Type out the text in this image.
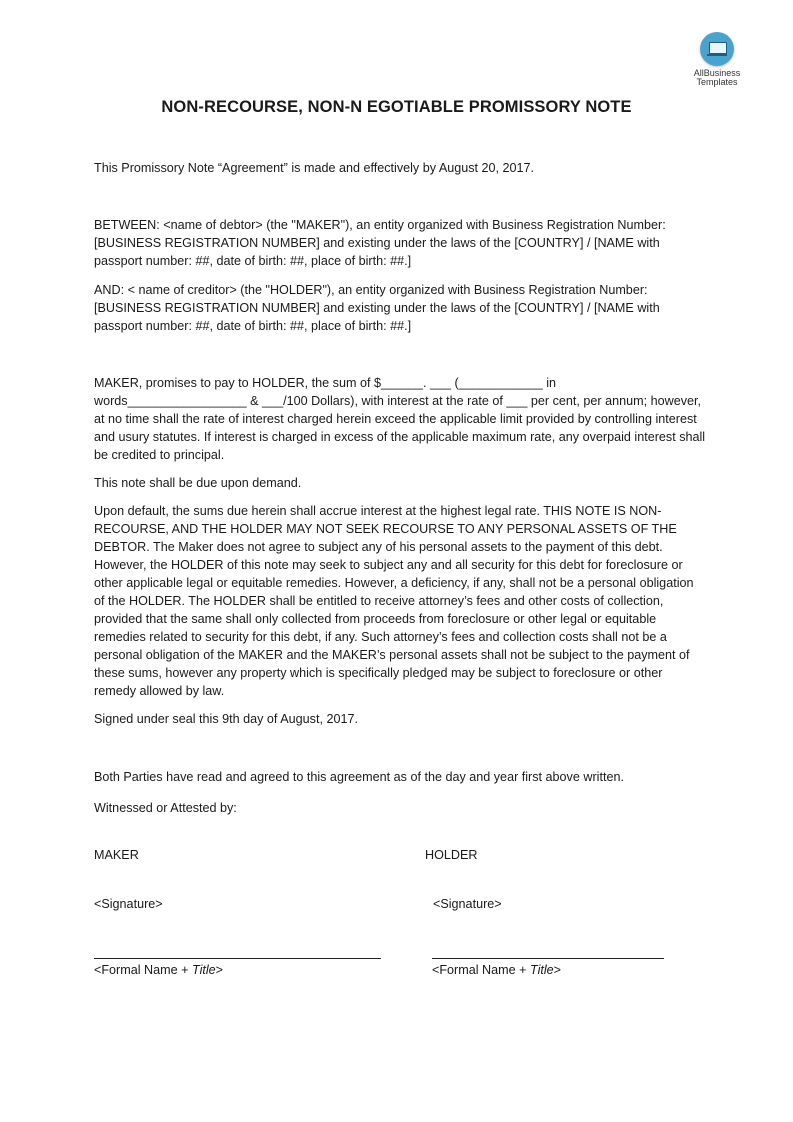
AllBusiness
Templates
NON-RECOURSE, NON-N EGOTIABLE PROMISSORY NOTE

This Promissory Note “Agreement” is made and effectively by August 20, 2017.

BETWEEN: <name of debtor> (the "MAKER"), an entity organized with Business Registration Number: [BUSINESS REGISTRATION NUMBER] and existing under the laws of the [COUNTRY] / [NAME with passport number: ##, date of birth: ##, place of birth: ##.]

AND: < name of creditor> (the "HOLDER"), an entity organized with Business Registration Number: [BUSINESS REGISTRATION NUMBER] and existing under the laws of the [COUNTRY] / [NAME with passport number: ##, date of birth: ##, place of birth: ##.]

MAKER, promises to pay to HOLDER, the sum of $______. ___ (____________ in words_________________ & ___/100 Dollars), with interest at the rate of ___ per cent, per annum; however, at no time shall the rate of interest charged herein exceed the applicable limit provided by controlling interest and usury statutes. If interest is charged in excess of the applicable maximum rate, any overpaid interest shall be credited to principal.

This note shall be due upon demand.

Upon default, the sums due herein shall accrue interest at the highest legal rate. THIS NOTE IS NON-RECOURSE, AND THE HOLDER MAY NOT SEEK RECOURSE TO ANY PERSONAL ASSETS OF THE DEBTOR. The Maker does not agree to subject any of his personal assets to the payment of this debt. However, the HOLDER of this note may seek to subject any and all security for this debt for foreclosure or other applicable legal or equitable remedies. However, a deficiency, if any, shall not be a personal obligation of the HOLDER. The HOLDER shall be entitled to receive attorney’s fees and other costs of collection, provided that the same shall only collected from proceeds from foreclosure or other legal or equitable remedies related to security for this debt, if any. Such attorney’s fees and collection costs shall not be a personal obligation of the MAKER and the MAKER’s personal assets shall not be subject to the payment of these sums, however any property which is specifically pledged may be subject to foreclosure or other remedy allowed by law.

Signed under seal this 9th day of August, 2017.

Both Parties have read and agreed to this agreement as of the day and year first above written.

Witnessed or Attested by:

MAKER	HOLDER
<Signature>	<Signature>
<Formal Name + Title>	<Formal Name + Title>
